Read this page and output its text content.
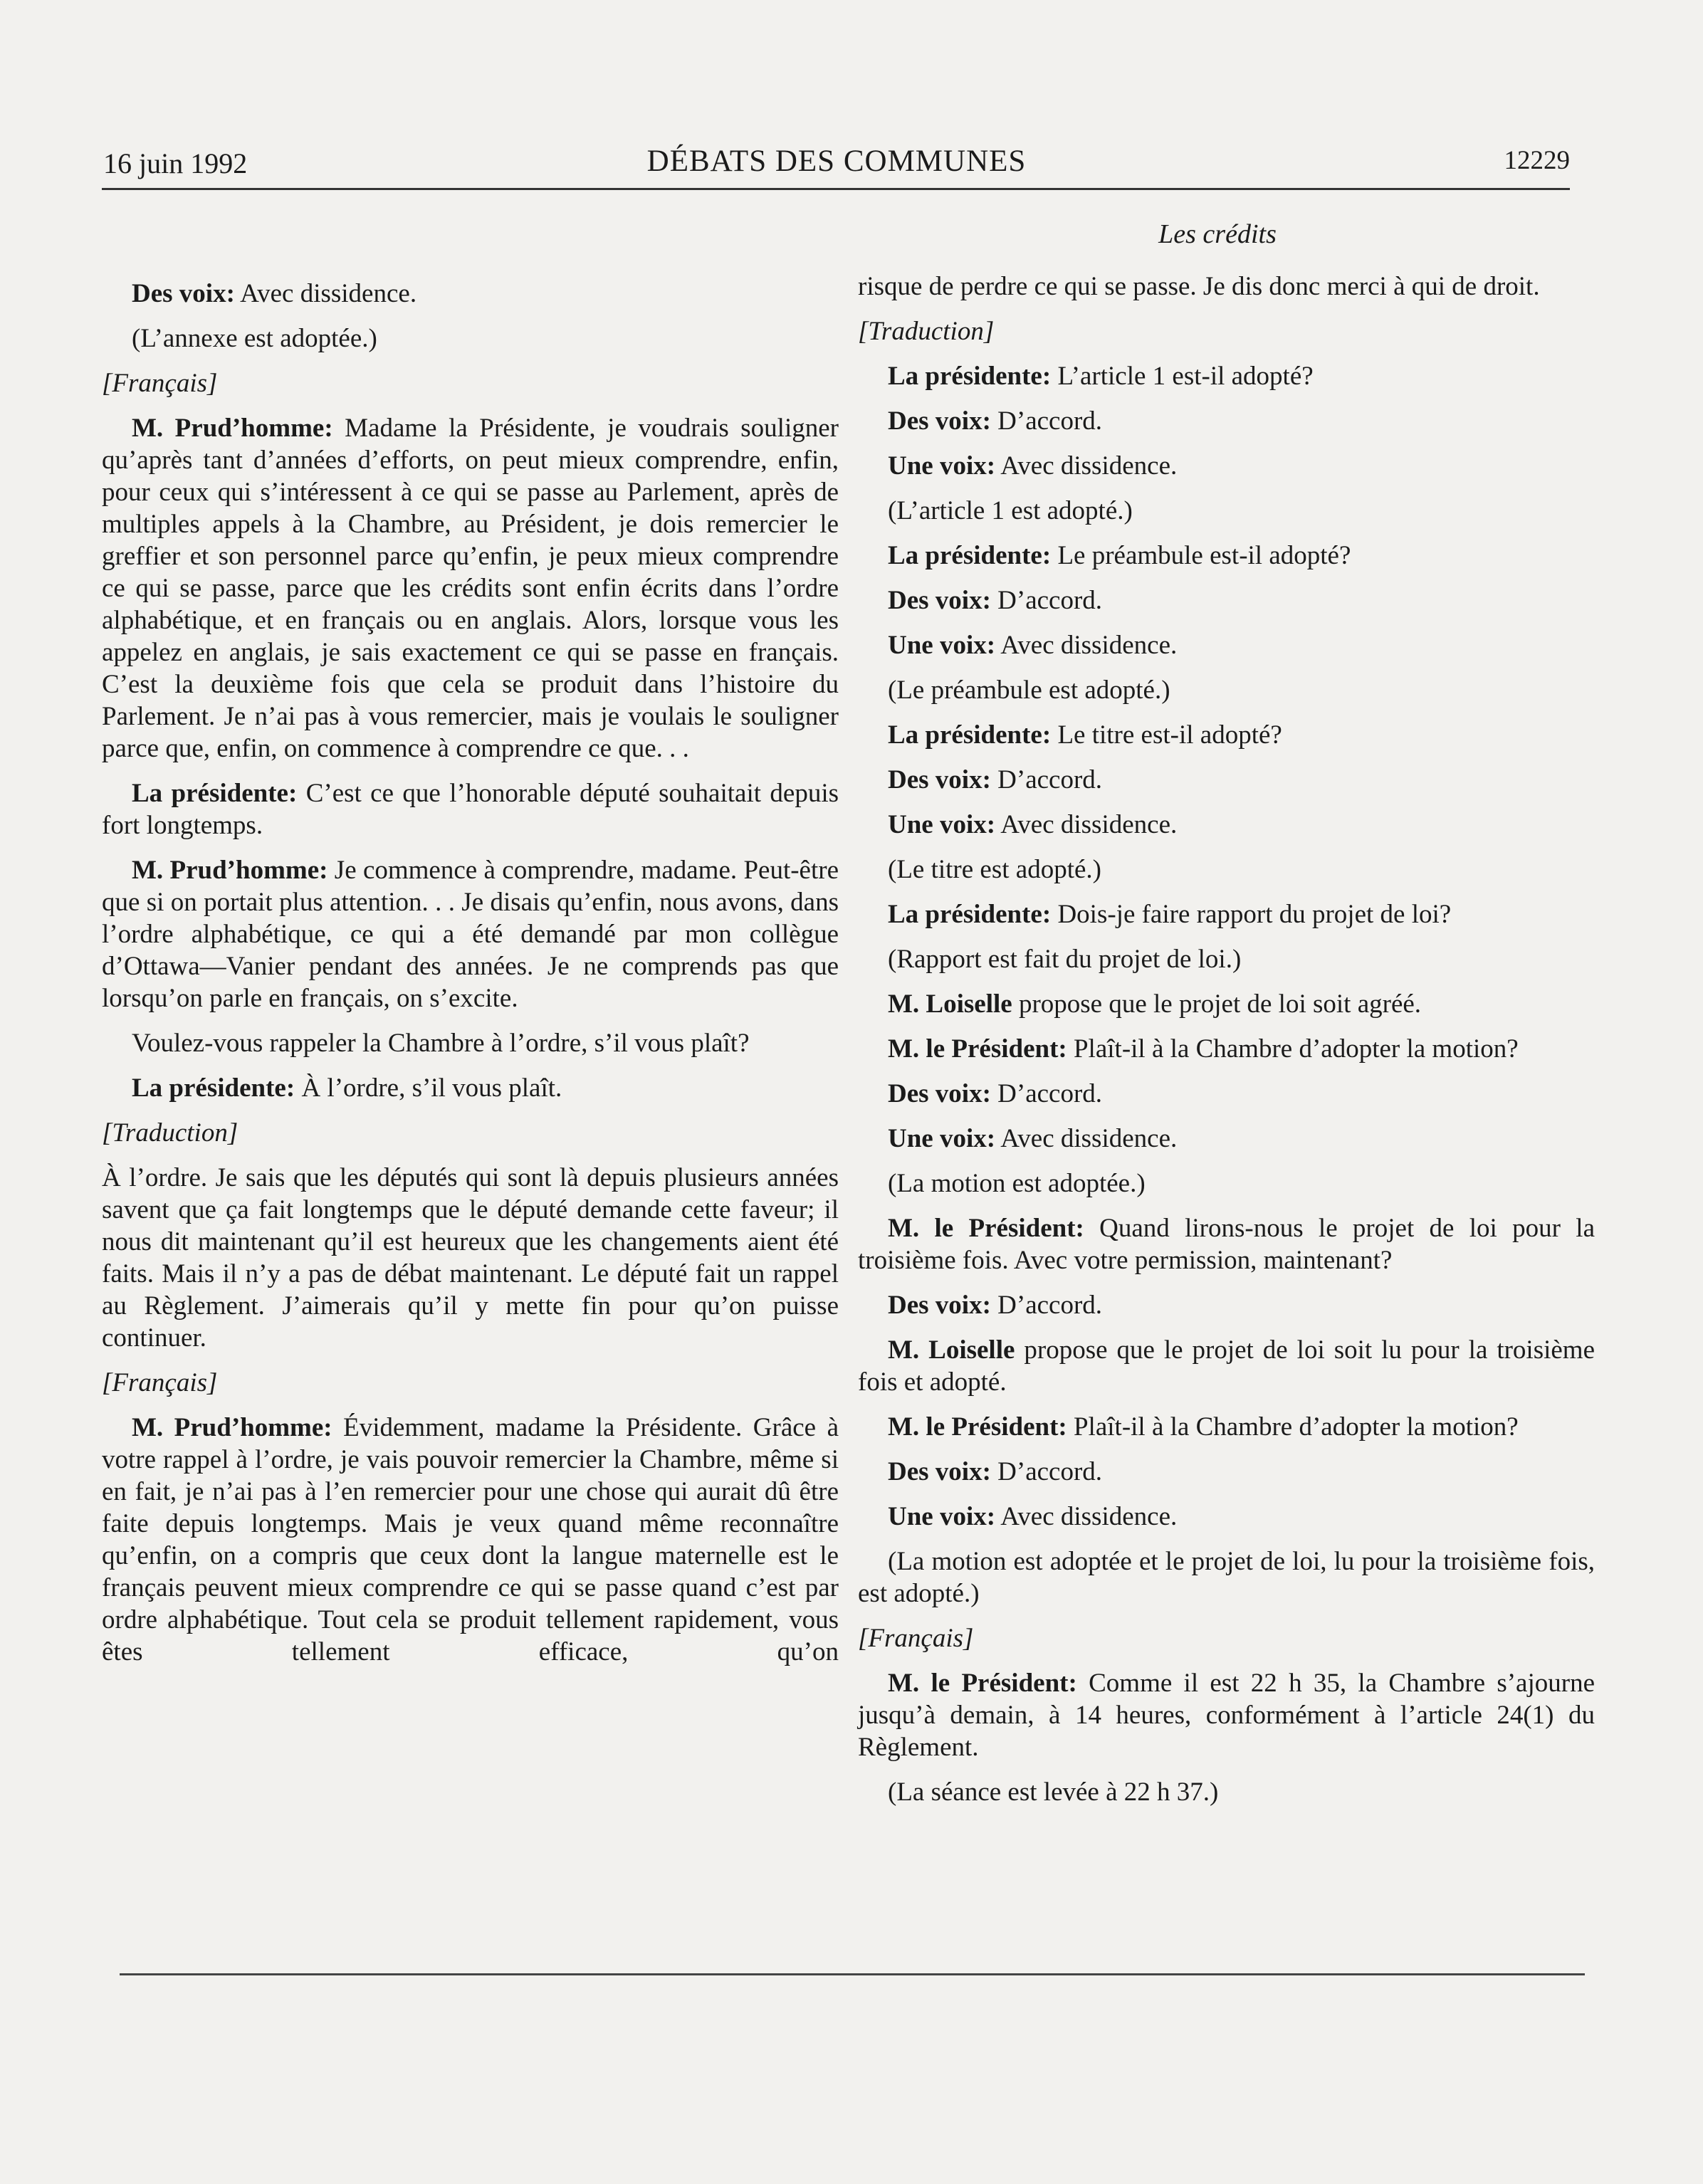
16 juin 1992	DÉBATS DES COMMUNES	12229
Les crédits

Des voix: Avec dissidence.

(L’annexe est adoptée.)

[Français]

M. Prud’homme: Madame la Présidente, je voudrais souligner qu’après tant d’années d’efforts, on peut mieux comprendre, enfin, pour ceux qui s’intéressent à ce qui se passe au Parlement, après de multiples appels à la Chambre, au Président, je dois remercier le greffier et son personnel parce qu’enfin, je peux mieux comprendre ce qui se passe, parce que les crédits sont enfin écrits dans l’ordre alphabétique, et en français ou en anglais. Alors, lorsque vous les appelez en anglais, je sais exactement ce qui se passe en français. C’est la deuxième fois que cela se produit dans l’histoire du Parlement. Je n’ai pas à vous remercier, mais je voulais le souligner parce que, enfin, on commence à comprendre ce que. . .

La présidente: C’est ce que l’honorable député souhaitait depuis fort longtemps.

M. Prud’homme: Je commence à comprendre, madame. Peut-être que si on portait plus attention. . . Je disais qu’enfin, nous avons, dans l’ordre alphabétique, ce qui a été demandé par mon collègue d’Ottawa—Vanier pendant des années. Je ne comprends pas que lorsqu’on parle en français, on s’excite.

Voulez-vous rappeler la Chambre à l’ordre, s’il vous plaît?

La présidente: À l’ordre, s’il vous plaît.

[Traduction]

À l’ordre. Je sais que les députés qui sont là depuis plusieurs années savent que ça fait longtemps que le député demande cette faveur; il nous dit maintenant qu’il est heureux que les changements aient été faits. Mais il n’y a pas de débat maintenant. Le député fait un rappel au Règlement. J’aimerais qu’il y mette fin pour qu’on puisse continuer.

[Français]

M. Prud’homme: Évidemment, madame la Présidente. Grâce à votre rappel à l’ordre, je vais pouvoir remercier la Chambre, même si en fait, je n’ai pas à l’en remercier pour une chose qui aurait dû être faite depuis longtemps. Mais je veux quand même reconnaître qu’enfin, on a compris que ceux dont la langue maternelle est le français peuvent mieux comprendre ce qui se passe quand c’est par ordre alphabétique. Tout cela se produit tellement rapidement, vous êtes tellement efficace, qu’on

risque de perdre ce qui se passe. Je dis donc merci à qui de droit.

[Traduction]

La présidente: L’article 1 est-il adopté?

Des voix: D’accord.

Une voix: Avec dissidence.

(L’article 1 est adopté.)

La présidente: Le préambule est-il adopté?

Des voix: D’accord.

Une voix: Avec dissidence.

(Le préambule est adopté.)

La présidente: Le titre est-il adopté?

Des voix: D’accord.

Une voix: Avec dissidence.

(Le titre est adopté.)

La présidente: Dois-je faire rapport du projet de loi?

(Rapport est fait du projet de loi.)

M. Loiselle propose que le projet de loi soit agréé.

M. le Président: Plaît-il à la Chambre d’adopter la motion?

Des voix: D’accord.

Une voix: Avec dissidence.

(La motion est adoptée.)

M. le Président: Quand lirons-nous le projet de loi pour la troisième fois. Avec votre permission, maintenant?

Des voix: D’accord.

M. Loiselle propose que le projet de loi soit lu pour la troisième fois et adopté.

M. le Président: Plaît-il à la Chambre d’adopter la motion?

Des voix: D’accord.

Une voix: Avec dissidence.

(La motion est adoptée et le projet de loi, lu pour la troisième fois, est adopté.)

[Français]

M. le Président: Comme il est 22 h 35, la Chambre s’ajourne jusqu’à demain, à 14 heures, conformément à l’article 24(1) du Règlement.

(La séance est levée à 22 h 37.)
